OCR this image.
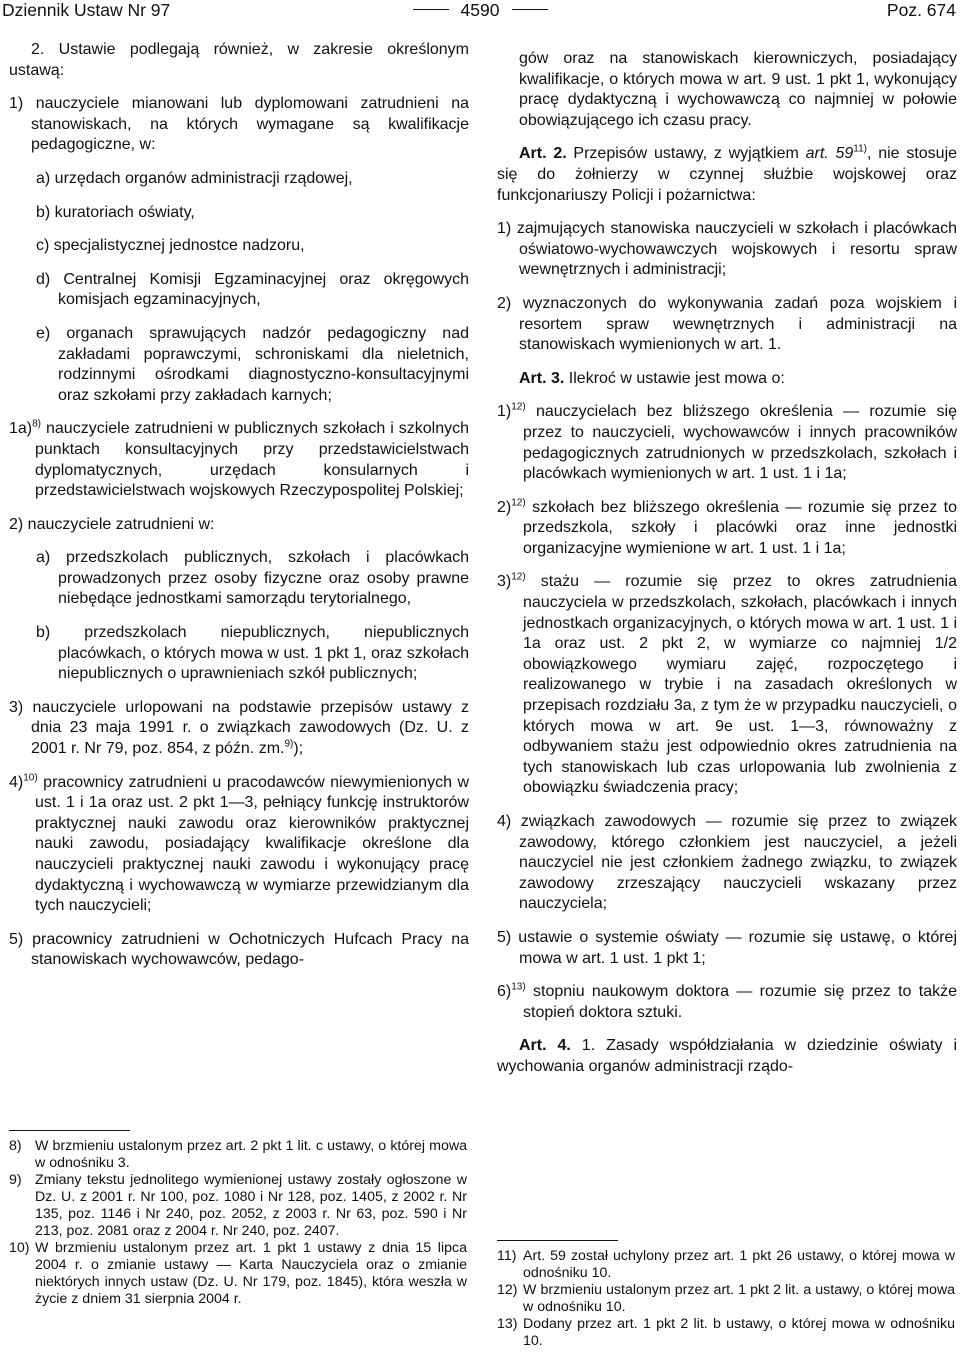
Dziennik Ustaw Nr 97	4590	Poz. 674

2. Ustawie podlegają również, w zakresie określonym ustawą:

1) nauczyciele mianowani lub dyplomowani zatrudnieni na stanowiskach, na których wymagane są kwalifikacje pedagogiczne, w:

a) urzędach organów administracji rządowej,

b) kuratoriach oświaty,

c) specjalistycznej jednostce nadzoru,

d) Centralnej Komisji Egzaminacyjnej oraz okręgowych komisjach egzaminacyjnych,

e) organach sprawujących nadzór pedagogiczny nad zakładami poprawczymi, schroniskami dla nieletnich, rodzinnymi ośrodkami diagnostyczno-konsultacyjnymi oraz szkołami przy zakładach karnych;

1a)$^{8)}$ nauczyciele zatrudnieni w publicznych szkołach i szkolnych punktach konsultacyjnych przy przedstawicielstwach dyplomatycznych, urzędach konsularnych i przedstawicielstwach wojskowych Rzeczypospolitej Polskiej;

2) nauczyciele zatrudnieni w:

a) przedszkolach publicznych, szkołach i placówkach prowadzonych przez osoby fizyczne oraz osoby prawne niebędące jednostkami samorządu terytorialnego,

b) przedszkolach niepublicznych, niepublicznych placówkach, o których mowa w ust. 1 pkt 1, oraz szkołach niepublicznych o uprawnieniach szkół publicznych;

3) nauczyciele urlopowani na podstawie przepisów ustawy z dnia 23 maja 1991 r. o związkach zawodowych (Dz. U. z 2001 r. Nr 79, poz. 854, z późn. zm.$^{9)}$);

4)$^{10)}$ pracownicy zatrudnieni u pracodawców niewymienionych w ust. 1 i 1a oraz ust. 2 pkt 1—3, pełniący funkcję instruktorów praktycznej nauki zawodu oraz kierowników praktycznej nauki zawodu, posiadający kwalifikacje określone dla nauczycieli praktycznej nauki zawodu i wykonujący pracę dydaktyczną i wychowawczą w wymiarze przewidzianym dla tych nauczycieli;

5) pracownicy zatrudnieni w Ochotniczych Hufcach Pracy na stanowiskach wychowawców, pedago-

8) W brzmieniu ustalonym przez art. 2 pkt 1 lit. c ustawy, o której mowa w odnośniku 3.

9) Zmiany tekstu jednolitego wymienionej ustawy zostały ogłoszone w Dz. U. z 2001 r. Nr 100, poz. 1080 i Nr 128, poz. 1405, z 2002 r. Nr 135, poz. 1146 i Nr 240, poz. 2052, z 2003 r. Nr 63, poz. 590 i Nr 213, poz. 2081 oraz z 2004 r. Nr 240, poz. 2407.

10) W brzmieniu ustalonym przez art. 1 pkt 1 ustawy z dnia 15 lipca 2004 r. o zmianie ustawy — Karta Nauczyciela oraz o zmianie niektórych innych ustaw (Dz. U. Nr 179, poz. 1845), która weszła w życie z dniem 31 sierpnia 2004 r.

gów oraz na stanowiskach kierowniczych, posiadający kwalifikacje, o których mowa w art. 9 ust. 1 pkt 1, wykonujący pracę dydaktyczną i wychowawczą co najmniej w połowie obowiązującego ich czasu pracy.

Art. 2. Przepisów ustawy, z wyjątkiem art. 59$^{11)}$, nie stosuje się do żołnierzy w czynnej służbie wojskowej oraz funkcjonariuszy Policji i pożarnictwa:

1) zajmujących stanowiska nauczycieli w szkołach i placówkach oświatowo-wychowawczych wojskowych i resortu spraw wewnętrznych i administracji;

2) wyznaczonych do wykonywania zadań poza wojskiem i resortem spraw wewnętrznych i administracji na stanowiskach wymienionych w art. 1.

Art. 3. Ilekroć w ustawie jest mowa o:

1)$^{12)}$ nauczycielach bez bliższego określenia — rozumie się przez to nauczycieli, wychowawców i innych pracowników pedagogicznych zatrudnionych w przedszkolach, szkołach i placówkach wymienionych w art. 1 ust. 1 i 1a;

2)$^{12)}$ szkołach bez bliższego określenia — rozumie się przez to przedszkola, szkoły i placówki oraz inne jednostki organizacyjne wymienione w art. 1 ust. 1 i 1a;

3)$^{12)}$ stażu — rozumie się przez to okres zatrudnienia nauczyciela w przedszkolach, szkołach, placówkach i innych jednostkach organizacyjnych, o których mowa w art. 1 ust. 1 i 1a oraz ust. 2 pkt 2, w wymiarze co najmniej 1/2 obowiązkowego wymiaru zajęć, rozpoczętego i realizowanego w trybie i na zasadach określonych w przepisach rozdziału 3a, z tym że w przypadku nauczycieli, o których mowa w art. 9e ust. 1—3, równoważny z odbywaniem stażu jest odpowiednio okres zatrudnienia na tych stanowiskach lub czas urlopowania lub zwolnienia z obowiązku świadczenia pracy;

4) związkach zawodowych — rozumie się przez to związek zawodowy, którego członkiem jest nauczyciel, a jeżeli nauczyciel nie jest członkiem żadnego związku, to związek zawodowy zrzeszający nauczycieli wskazany przez nauczyciela;

5) ustawie o systemie oświaty — rozumie się ustawę, o której mowa w art. 1 ust. 1 pkt 1;

6)$^{13)}$ stopniu naukowym doktora — rozumie się przez to także stopień doktora sztuki.

Art. 4. 1. Zasady współdziałania w dziedzinie oświaty i wychowania organów administracji rządo-

11) Art. 59 został uchylony przez art. 1 pkt 26 ustawy, o której mowa w odnośniku 10.

12) W brzmieniu ustalonym przez art. 1 pkt 2 lit. a ustawy, o której mowa w odnośniku 10.

13) Dodany przez art. 1 pkt 2 lit. b ustawy, o której mowa w odnośniku 10.
